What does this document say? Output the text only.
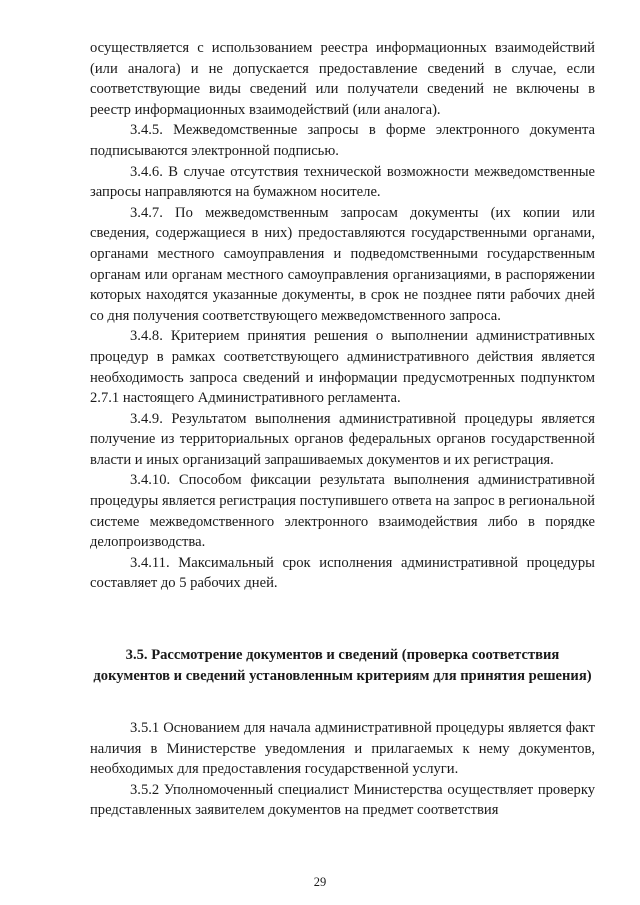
осуществляется с использованием реестра информационных взаимодействий (или аналога) и не допускается предоставление сведений в случае, если соответствующие виды сведений или получатели сведений не включены в реестр информационных взаимодействий (или аналога).

3.4.5. Межведомственные запросы в форме электронного документа подписываются электронной подписью.

3.4.6. В случае отсутствия технической возможности межведомственные запросы направляются на бумажном носителе.

3.4.7. По межведомственным запросам документы (их копии или сведения, содержащиеся в них) предоставляются государственными органами, органами местного самоуправления и подведомственными государственным органам или органам местного самоуправления организациями, в распоряжении которых находятся указанные документы, в срок не позднее пяти рабочих дней со дня получения соответствующего межведомственного запроса.

3.4.8. Критерием принятия решения о выполнении административных процедур в рамках соответствующего административного действия является необходимость запроса сведений и информации предусмотренных подпунктом 2.7.1 настоящего Административного регламента.

3.4.9. Результатом выполнения административной процедуры является получение из территориальных органов федеральных органов государственной власти и иных организаций запрашиваемых документов и их регистрация.

3.4.10. Способом фиксации результата выполнения административной процедуры является регистрация поступившего ответа на запрос в региональной системе межведомственного электронного взаимодействия либо в порядке делопроизводства.

3.4.11. Максимальный срок исполнения административной процедуры составляет до 5 рабочих дней.

3.5. Рассмотрение документов и сведений (проверка соответствия документов и сведений установленным критериям для принятия решения)

3.5.1 Основанием для начала административной процедуры является факт наличия в Министерстве уведомления и прилагаемых к нему документов, необходимых для предоставления государственной услуги.

3.5.2 Уполномоченный специалист Министерства осуществляет проверку представленных заявителем документов на предмет соответствия

29
